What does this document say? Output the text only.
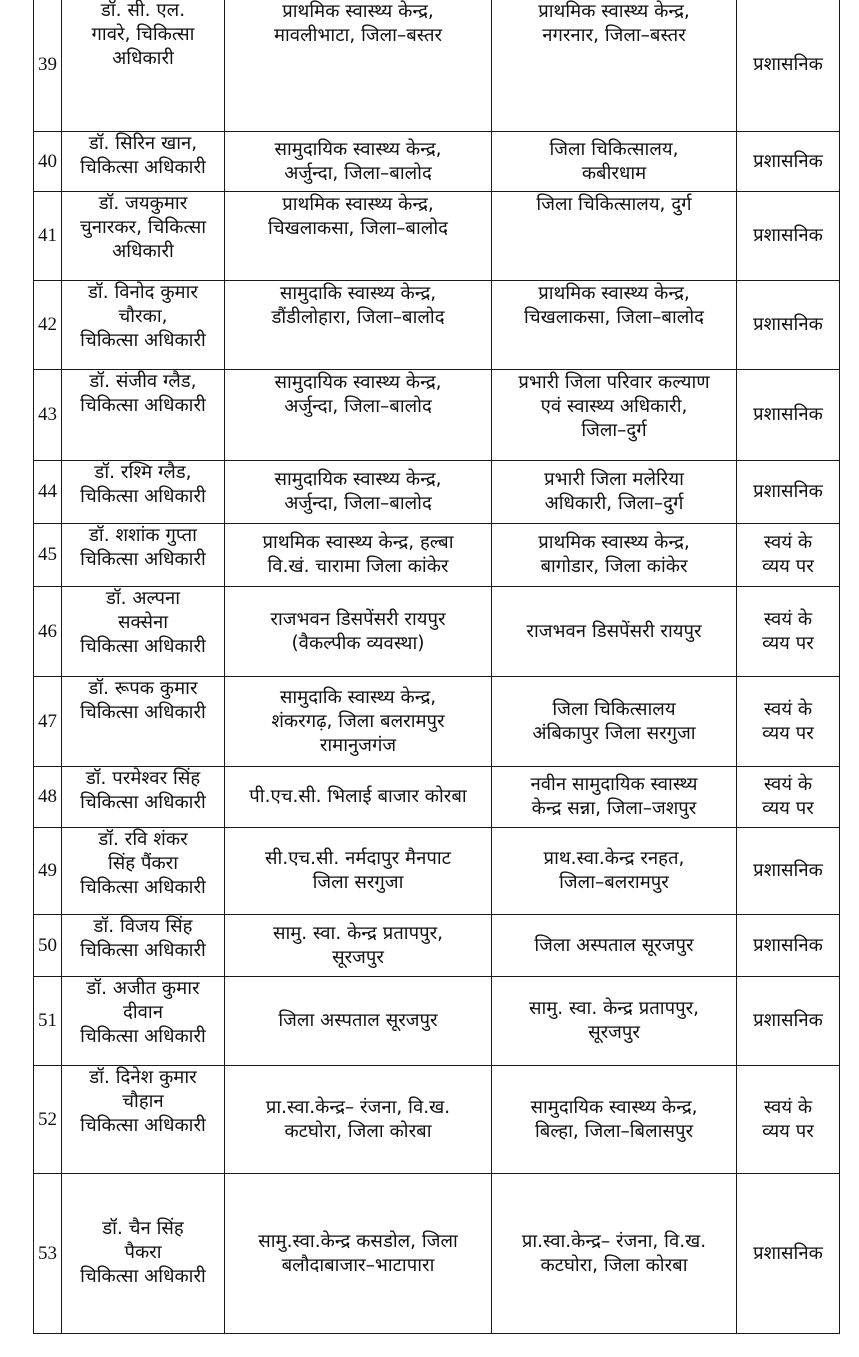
39	डॉ. सी. एल.
गावरे, चिकित्सा
अधिकारी	प्राथमिक स्वास्थ्य केन्द्र,
मावलीभाटा, जिला–बस्तर	प्राथमिक स्वास्थ्य केन्द्र,
नगरनार, जिला–बस्तर	प्रशासनिक

40	डॉ. सिरिन खान,
चिकित्सा अधिकारी	सामुदायिक स्वास्थ्य केन्द्र,
अर्जुन्दा, जिला–बालोद	जिला चिकित्सालय,
कबीरधाम	प्रशासनिक

41	डॉ. जयकुमार
चुनारकर, चिकित्सा
अधिकारी	प्राथमिक स्वास्थ्य केन्द्र,
चिखलाकसा, जिला–बालोद	जिला चिकित्सालय, दुर्ग	प्रशासनिक

42	डॉ. विनोद कुमार
चौरका,
चिकित्सा अधिकारी	सामुदाकि स्वास्थ्य केन्द्र,
डौंडीलोहारा, जिला–बालोद	प्राथमिक स्वास्थ्य केन्द्र,
चिखलाकसा, जिला–बालोद	प्रशासनिक

43	डॉ. संजीव ग्लैड,
चिकित्सा अधिकारी	सामुदायिक स्वास्थ्य केन्द्र,
अर्जुन्दा, जिला–बालोद	प्रभारी जिला परिवार कल्याण
एवं स्वास्थ्य अधिकारी,
जिला–दुर्ग	प्रशासनिक

44	डॉ. रश्मि ग्लैड,
चिकित्सा अधिकारी	सामुदायिक स्वास्थ्य केन्द्र,
अर्जुन्दा, जिला–बालोद	प्रभारी जिला मलेरिया
अधिकारी, जिला–दुर्ग	प्रशासनिक

45	डॉ. शशांक गुप्ता
चिकित्सा अधिकारी	प्राथमिक स्वास्थ्य केन्द्र, हल्बा
वि.खं. चारामा जिला कांकेर	प्राथमिक स्वास्थ्य केन्द्र,
बागोडार, जिला कांकेर	स्वयं के
व्यय पर

46	डॉ. अल्पना
सक्सेना
चिकित्सा अधिकारी	राजभवन डिसपेंसरी रायपुर
(वैकल्पीक व्यवस्था)	राजभवन डिसपेंसरी रायपुर	स्वयं के
व्यय पर

47	डॉ. रूपक कुमार
चिकित्सा अधिकारी	सामुदाकि स्वास्थ्य केन्द्र,
शंकरगढ़, जिला बलरामपुर
रामानुजगंज	जिला चिकित्सालय
अंबिकापुर जिला सरगुजा	स्वयं के
व्यय पर

48	डॉ. परमेश्वर सिंह
चिकित्सा अधिकारी	पी.एच.सी. भिलाई बाजार कोरबा	नवीन सामुदायिक स्वास्थ्य
केन्द्र सन्ना, जिला–जशपुर	स्वयं के
व्यय पर

49	डॉ. रवि शंकर
सिंह पैंकरा
चिकित्सा अधिकारी	सी.एच.सी. नर्मदापुर मैनपाट
जिला सरगुजा	प्राथ.स्वा.केन्द्र रनहत,
जिला–बलरामपुर	प्रशासनिक

50	डॉ. विजय सिंह
चिकित्सा अधिकारी	सामु. स्वा. केन्द्र प्रतापपुर,
सूरजपुर	जिला अस्पताल सूरजपुर	प्रशासनिक

51	डॉ. अजीत कुमार
दीवान
चिकित्सा अधिकारी	जिला अस्पताल सूरजपुर	सामु. स्वा. केन्द्र प्रतापपुर,
सूरजपुर	प्रशासनिक

52	डॉ. दिनेश कुमार
चौहान
चिकित्सा अधिकारी	प्रा.स्वा.केन्द्र– रंजना, वि.ख.
कटघोरा, जिला कोरबा	सामुदायिक स्वास्थ्य केन्द्र,
बिल्हा, जिला–बिलासपुर	स्वयं के
व्यय पर

53	डॉ. चैन सिंह
पैकरा
चिकित्सा अधिकारी	सामु.स्वा.केन्द्र कसडोल, जिला
बलौदाबाजार–भाटापारा	प्रा.स्वा.केन्द्र– रंजना, वि.ख.
कटघोरा, जिला कोरबा	प्रशासनिक
